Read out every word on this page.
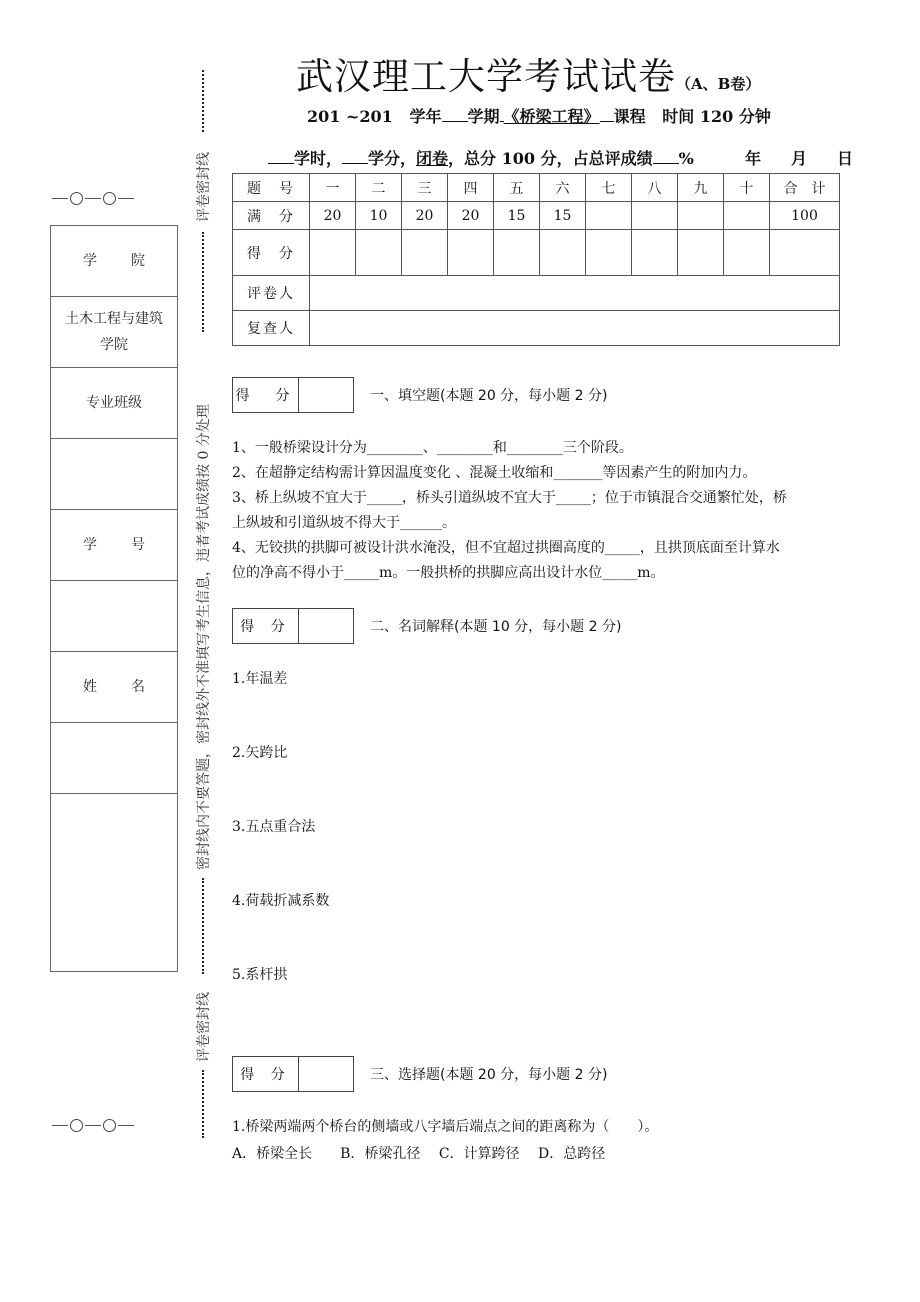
学 院
土木工程与建筑学院
专业班级
学 号
姓 名
评卷密封线
密封线内不要答题，密封线外不准填写考生信息，违者考试成绩按 0 分处理
评卷密封线
武汉理工大学考试试卷（A、B卷）
201 ~201 学年 学期 《桥梁工程》 课程 时间 120 分钟
学时， 学分，闭卷，总分 100 分，占总评成绩 %	年 月 日
题　号	一	二	三	四	五	六	七	八	九	十	合　计
满　分	20	10	20	20	15	15					100
得　分											
评卷人											
复查人											
得　分	一、填空题(本题 20 分，每小题 2 分)
1、一般桥梁设计分为________、________和________三个阶段。
2、在超静定结构需计算因温度变化 、混凝土收缩和_______等因素产生的附加内力。
3、桥上纵坡不宜大于_____，桥头引道纵坡不宜大于_____；位于市镇混合交通繁忙处，桥
上纵坡和引道纵坡不得大于______。
4、无铰拱的拱脚可被设计洪水淹没，但不宜超过拱圈高度的_____，且拱顶底面至计算水
位的净高不得小于_____m。一般拱桥的拱脚应高出设计水位_____m。
得 分	二、名词解释(本题 10 分，每小题 2 分)
1.年温差
2.矢跨比
3.五点重合法
4.荷载折减系数
5.系杆拱
得 分	三、选择题(本题 20 分，每小题 2 分)
1.桥梁两端两个桥台的侧墙或八字墙后端点之间的距离称为（　　）。
A．桥梁全长　　B．桥梁孔径　 C．计算跨径　 D．总跨径
